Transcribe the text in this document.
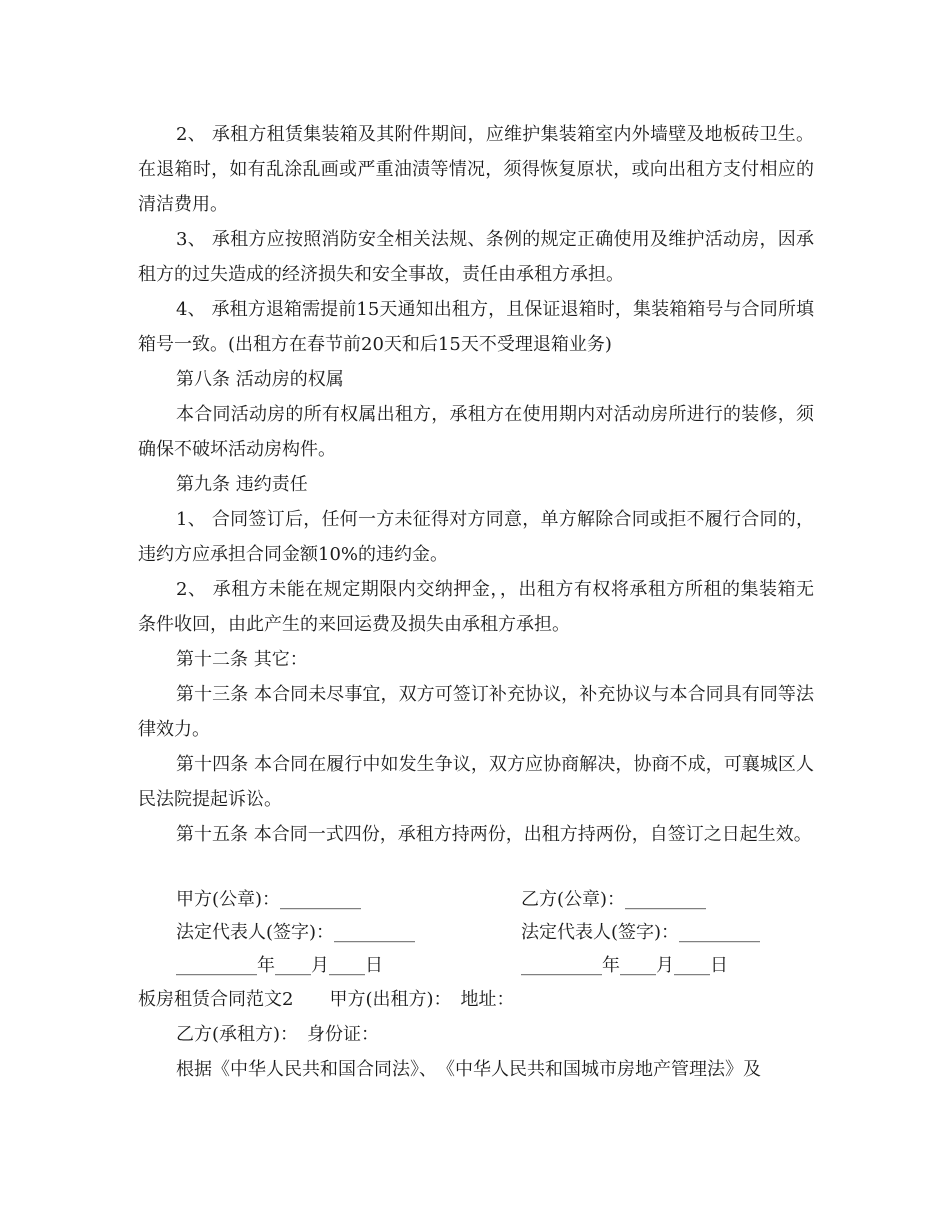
2、 承租方租赁集装箱及其附件期间，应维护集装箱室内外墙壁及地板砖卫生。在退箱时，如有乱涂乱画或严重油渍等情况，须得恢复原状，或向出租方支付相应的清洁费用。

3、 承租方应按照消防安全相关法规、条例的规定正确使用及维护活动房，因承租方的过失造成的经济损失和安全事故，责任由承租方承担。

4、 承租方退箱需提前15天通知出租方，且保证退箱时，集装箱箱号与合同所填箱号一致。(出租方在春节前20天和后15天不受理退箱业务)

第八条 活动房的权属

本合同活动房的所有权属出租方，承租方在使用期内对活动房所进行的装修，须确保不破坏活动房构件。

第九条 违约责任

1、 合同签订后，任何一方未征得对方同意，单方解除合同或拒不履行合同的，违约方应承担合同金额10%的违约金。

2、 承租方未能在规定期限内交纳押金，，出租方有权将承租方所租的集装箱无条件收回，由此产生的来回运费及损失由承租方承担。

第十二条 其它：

第十三条 本合同未尽事宜，双方可签订补充协议，补充协议与本合同具有同等法律效力。

第十四条 本合同在履行中如发生争议，双方应协商解决，协商不成，可襄城区人民法院提起诉讼。

第十五条 本合同一式四份，承租方持两份，出租方持两份，自签订之日起生效。

甲方(公章)：_________	乙方(公章)：_________
法定代表人(签字)：_________	法定代表人(签字)：_________
_________年____月____日	_________年____月____日

板房租赁合同范文2　　甲方(出租方)：　地址：

乙方(承租方)：　身份证：

根据《中华人民共和国合同法》、　《中华人民共和国城市房地产管理法》及
